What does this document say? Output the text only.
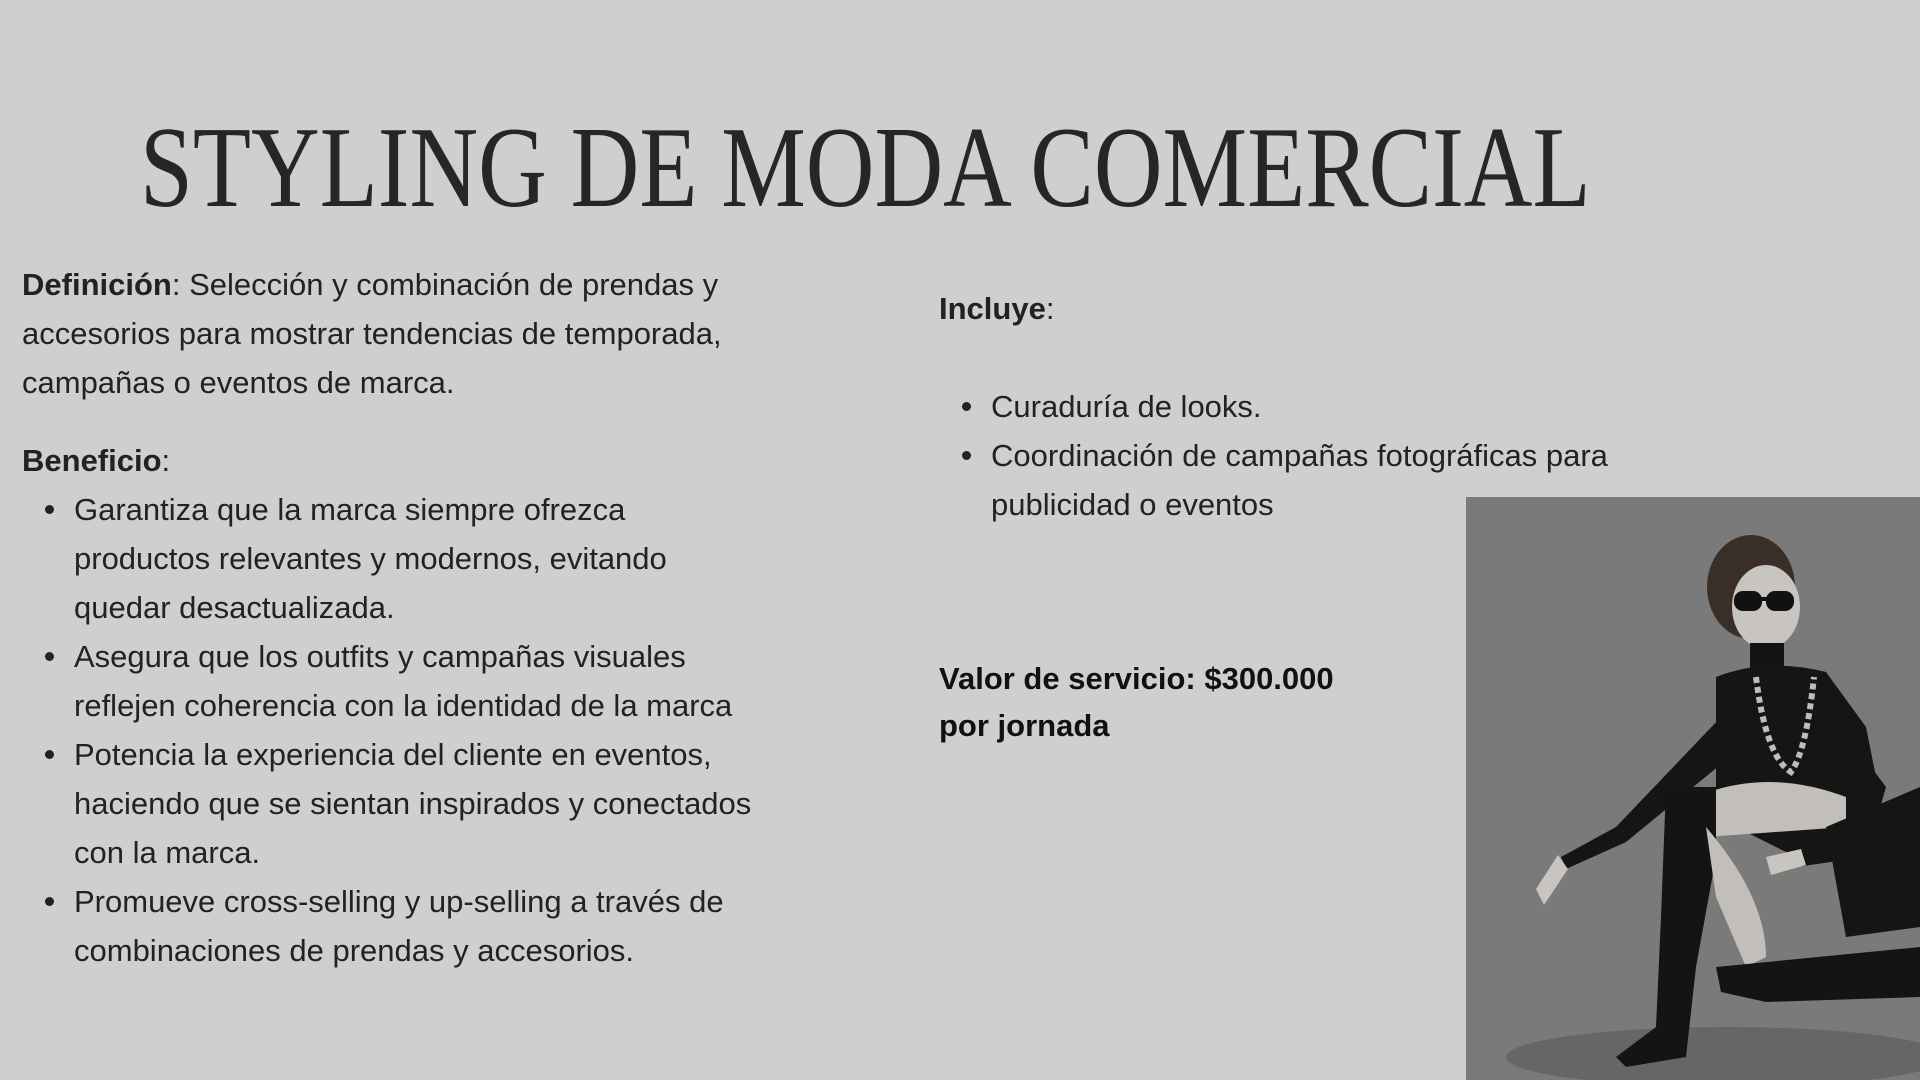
STYLING DE MODA COMERCIAL

Definición: Selección y combinación de prendas y accesorios para mostrar tendencias de temporada, campañas o eventos de marca.

Beneficio:

Garantiza que la marca siempre ofrezca productos relevantes y modernos, evitando quedar desactualizada.
Asegura que los outfits y campañas visuales reflejen coherencia con la identidad de la marca
Potencia la experiencia del cliente en eventos, haciendo que se sientan inspirados y conectados con la marca.
Promueve cross-selling y up-selling a través de combinaciones de prendas y accesorios.

Incluye:

Curaduría de looks.
Coordinación de campañas fotográficas para publicidad o eventos
Valor de servicio: $300.000
por jornada
